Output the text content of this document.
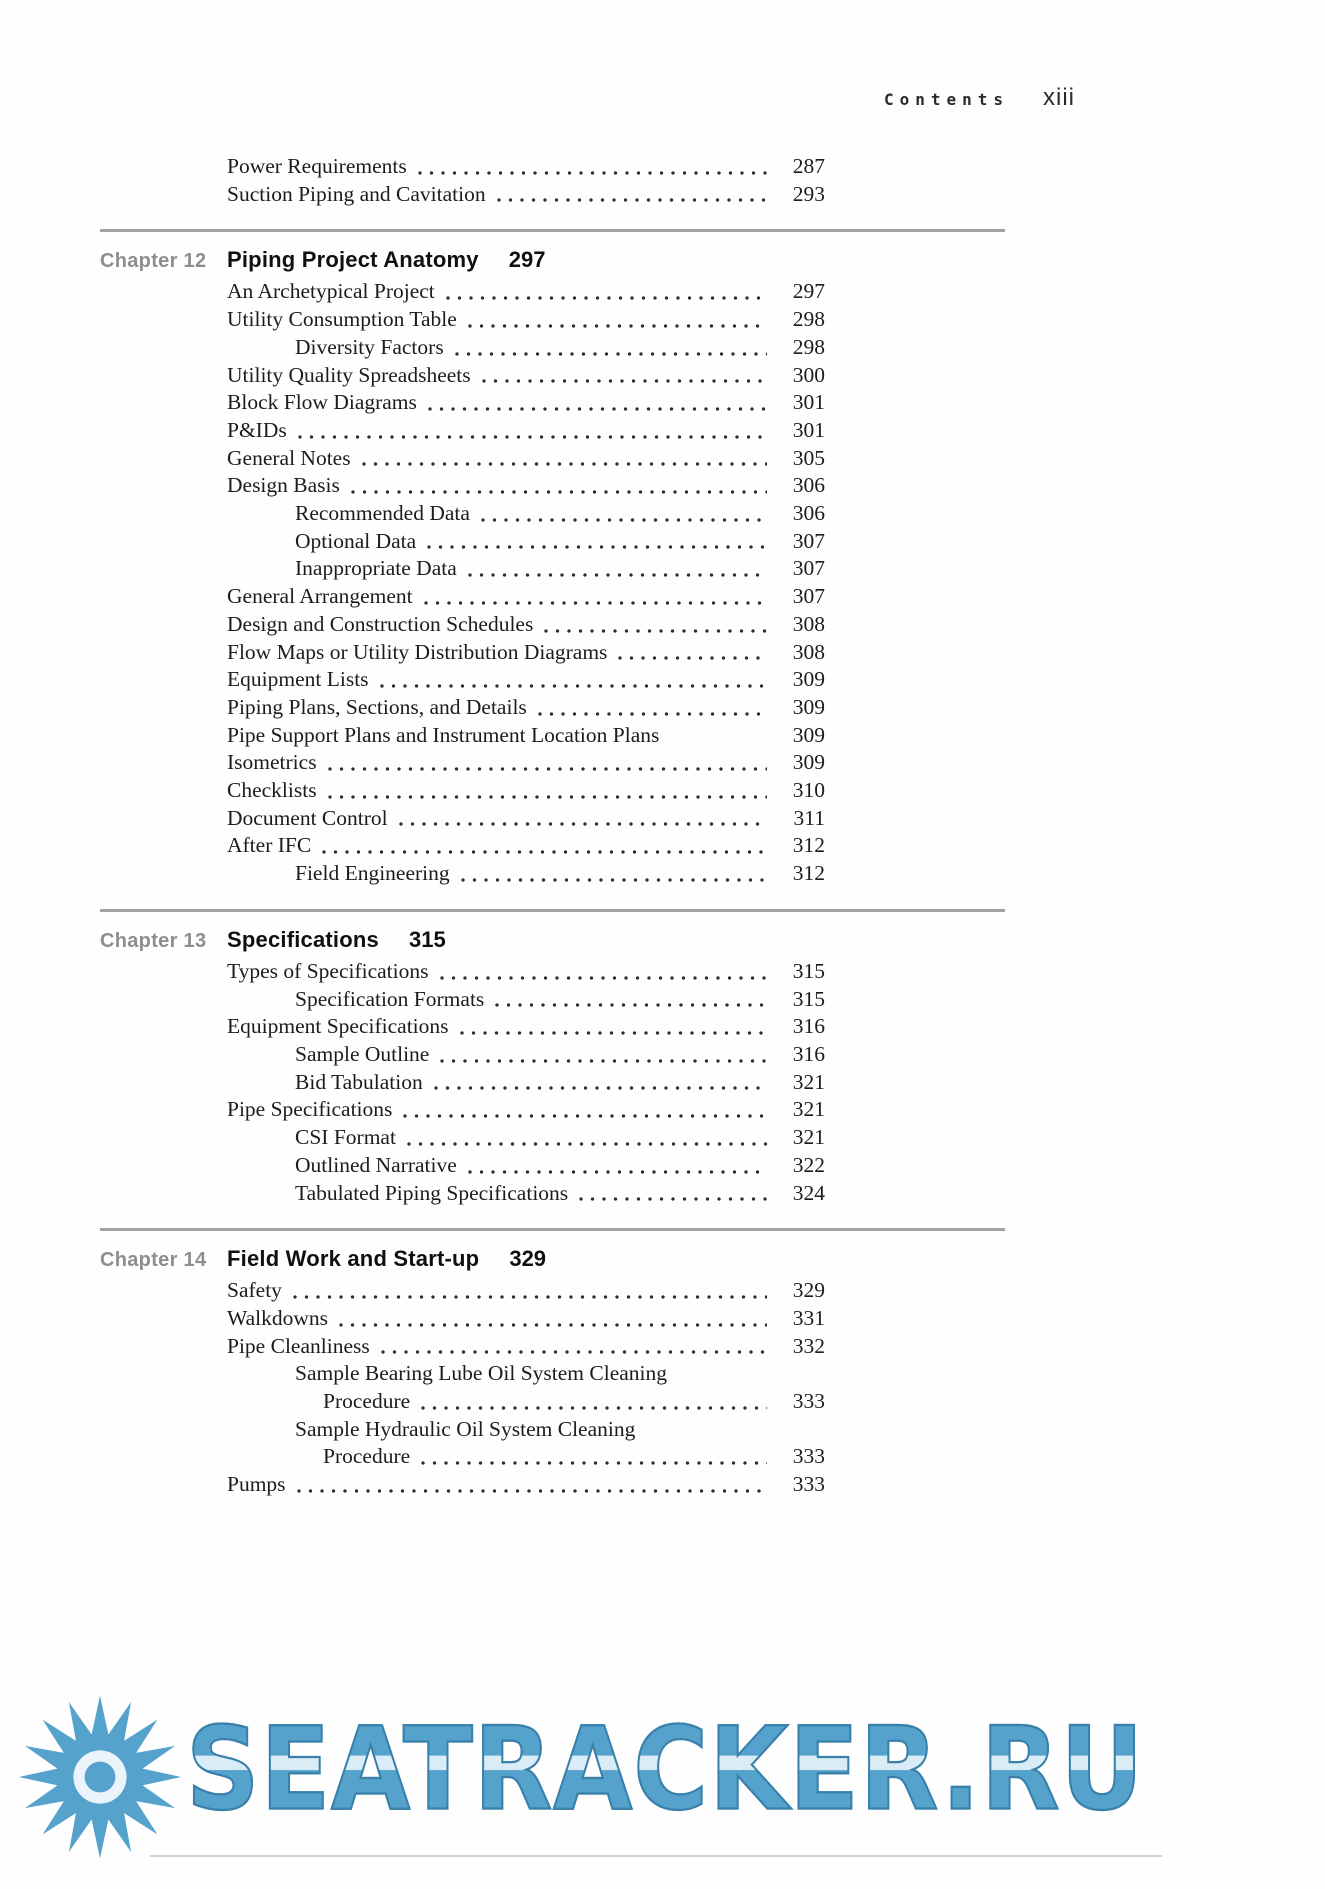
Contents xiii
Power Requirements	287
Suction Piping and Cavitation	293
Chapter 12 Piping Project Anatomy 297
An Archetypical Project	297
Utility Consumption Table	298
Diversity Factors	298
Utility Quality Spreadsheets	300
Block Flow Diagrams	301
P&IDs	301
General Notes	305
Design Basis	306
Recommended Data	306
Optional Data	307
Inappropriate Data	307
General Arrangement	307
Design and Construction Schedules	308
Flow Maps or Utility Distribution Diagrams	308
Equipment Lists	309
Piping Plans, Sections, and Details	309
Pipe Support Plans and Instrument Location Plans	309
Isometrics	309
Checklists	310
Document Control	311
After IFC	312
Field Engineering	312
Chapter 13 Specifications 315
Types of Specifications	315
Specification Formats	315
Equipment Specifications	316
Sample Outline	316
Bid Tabulation	321
Pipe Specifications	321
CSI Format	321
Outlined Narrative	322
Tabulated Piping Specifications	324
Chapter 14 Field Work and Start-up 329
Safety	329
Walkdowns	331
Pipe Cleanliness	332
Sample Bearing Lube Oil System Cleaning
Procedure	333
Sample Hydraulic Oil System Cleaning
Procedure	333
Pumps	333
SEATRACKER.RU
